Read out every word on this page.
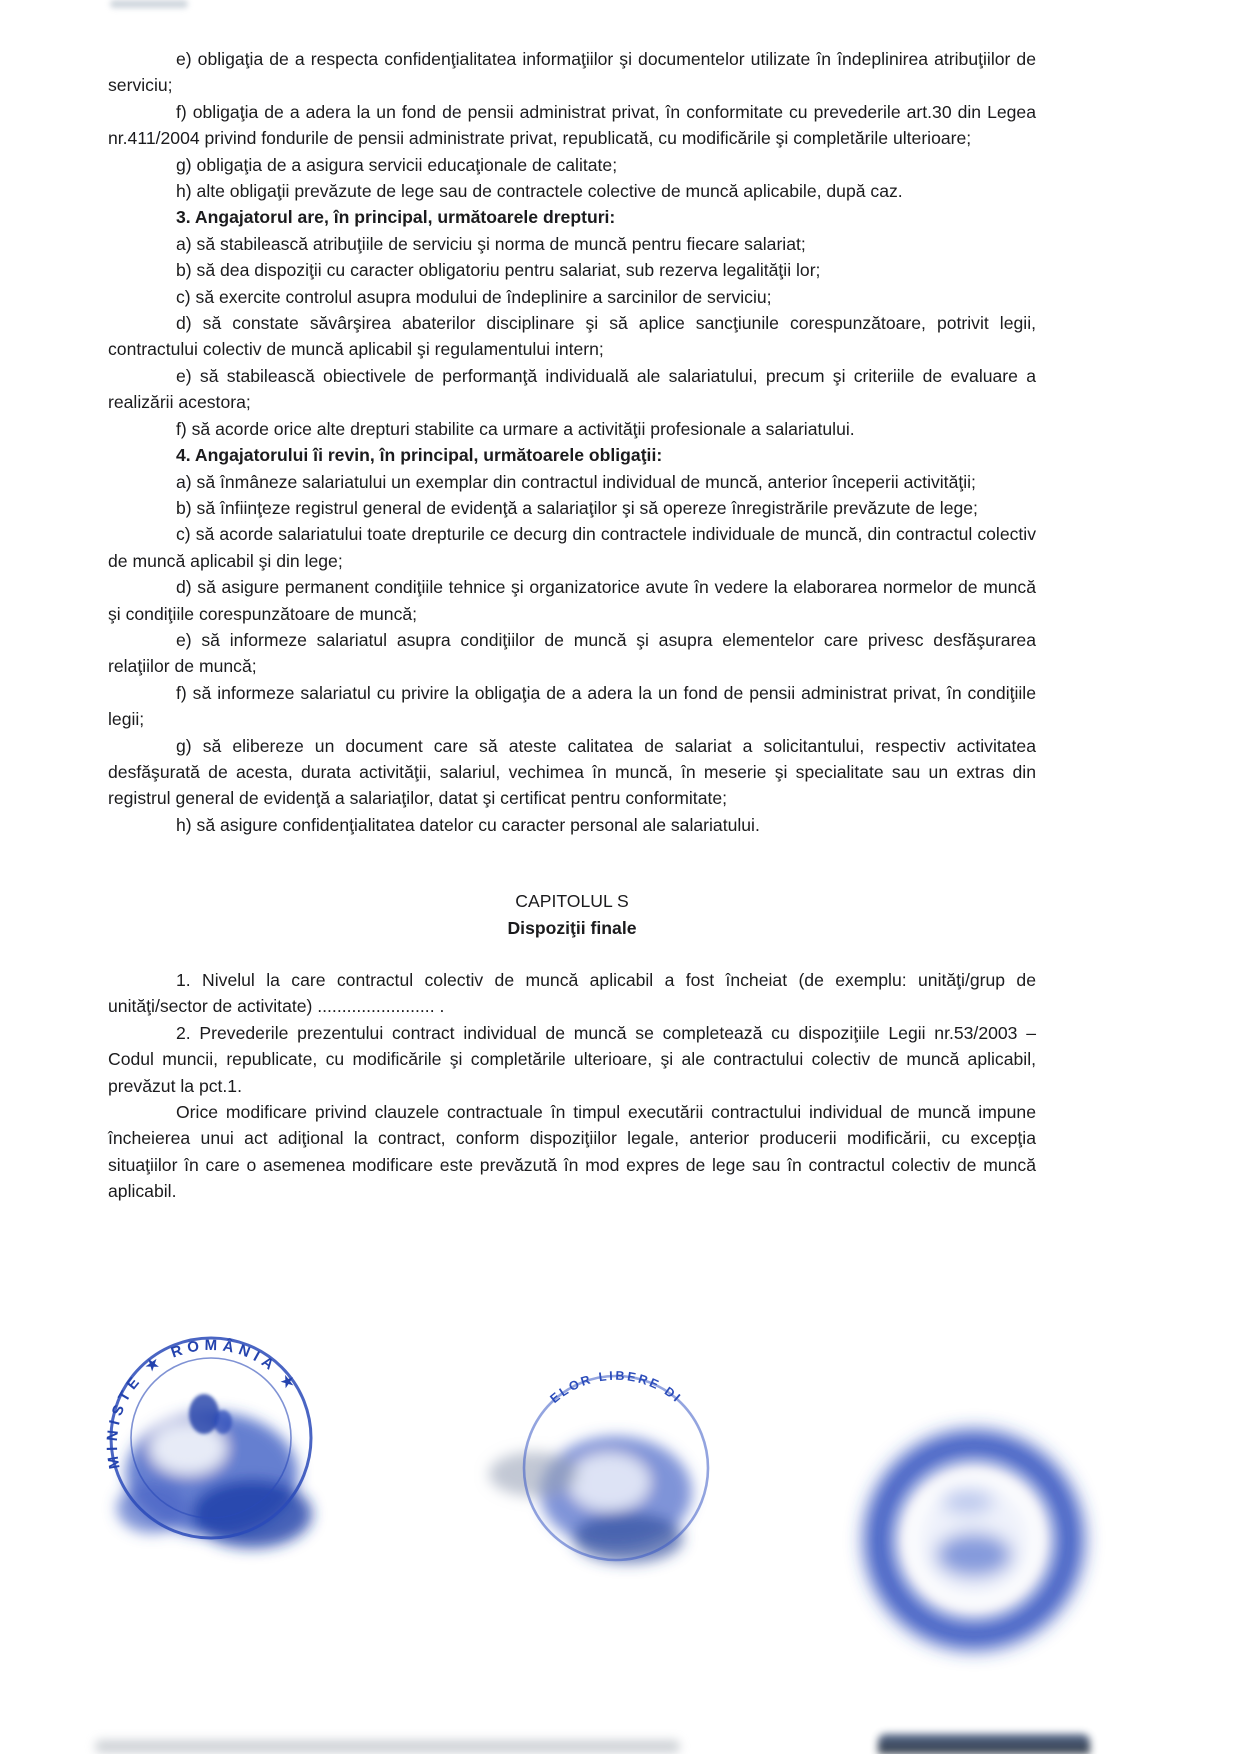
e) obligaţia de a respecta confidenţialitatea informaţiilor şi documentelor utilizate în îndeplinirea atribuţiilor de serviciu;

f) obligaţia de a adera la un fond de pensii administrat privat, în conformitate cu prevederile art.30 din Legea nr.411/2004 privind fondurile de pensii administrate privat, republicată, cu modificările şi completările ulterioare;

g) obligaţia de a asigura servicii educaţionale de calitate;

h) alte obligaţii prevăzute de lege sau de contractele colective de muncă aplicabile, după caz.

3. Angajatorul are, în principal, următoarele drepturi:

a) să stabilească atribuţiile de serviciu şi norma de muncă pentru fiecare salariat;

b) să dea dispoziţii cu caracter obligatoriu pentru salariat, sub rezerva legalităţii lor;

c) să exercite controlul asupra modului de îndeplinire a sarcinilor de serviciu;

d) să constate săvârşirea abaterilor disciplinare şi să aplice sancţiunile corespunzătoare, potrivit legii, contractului colectiv de muncă aplicabil şi regulamentului intern;

e) să stabilească obiectivele de performanţă individuală ale salariatului, precum şi criteriile de evaluare a realizării acestora;

f) să acorde orice alte drepturi stabilite ca urmare a activităţii profesionale a salariatului.

4. Angajatorului îi revin, în principal, următoarele obligaţii:

a) să înmâneze salariatului un exemplar din contractul individual de muncă, anterior începerii activităţii;

b) să înfiinţeze registrul general de evidenţă a salariaţilor şi să opereze înregistrările prevăzute de lege;

c) să acorde salariatului toate drepturile ce decurg din contractele individuale de muncă, din contractul colectiv de muncă aplicabil şi din lege;

d) să asigure permanent condiţiile tehnice şi organizatorice avute în vedere la elaborarea normelor de muncă şi condiţiile corespunzătoare de muncă;

e) să informeze salariatul asupra condiţiilor de muncă şi asupra elementelor care privesc desfăşurarea relaţiilor de muncă;

f) să informeze salariatul cu privire la obligaţia de a adera la un fond de pensii administrat privat, în condiţiile legii;

g) să elibereze un document care să ateste calitatea de salariat a solicitantului, respectiv activitatea desfăşurată de acesta, durata activităţii, salariul, vechimea în muncă, în meserie şi specialitate sau un extras din registrul general de evidenţă a salariaţilor, datat şi certificat pentru conformitate;

h) să asigure confidenţialitatea datelor cu caracter personal ale salariatului.

CAPITOLUL S
Dispoziţii finale

1. Nivelul la care contractul colectiv de muncă aplicabil a fost încheiat (de exemplu: unităţi/grup de unităţi/sector de activitate) ........................ .

2. Prevederile prezentului contract individual de muncă se completează cu dispoziţiile Legii nr.53/2003 – Codul muncii, republicate, cu modificările şi completările ulterioare, şi ale contractului colectiv de muncă aplicabil, prevăzut la pct.1.

Orice modificare privind clauzele contractuale în timpul executării contractului individual de muncă impune încheierea unui act adiţional la contract, conform dispoziţiilor legale, anterior producerii modificării, cu excepţia situaţiilor în care o asemenea modificare este prevăzută în mod expres de lege sau în contractul colectiv de muncă aplicabil.

MINISTE ★ ROMÂNIA ★
ELOR LIBERE DI
